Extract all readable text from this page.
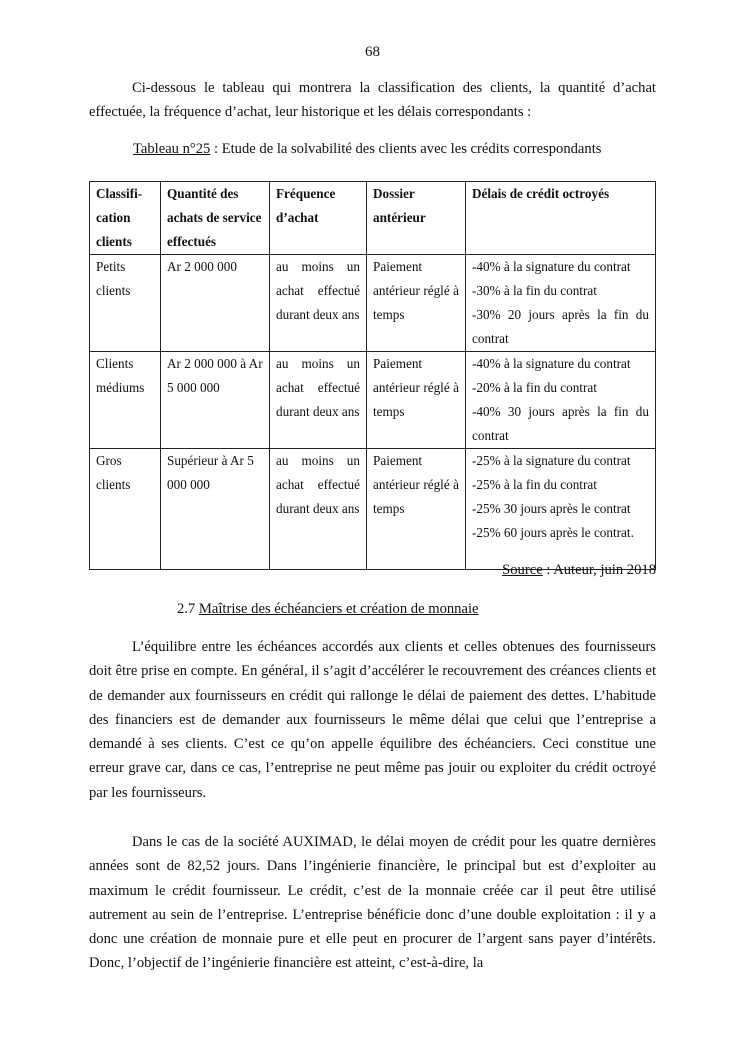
68

Ci-dessous le tableau qui montrera la classification des clients, la quantité d’achat effectuée, la fréquence d’achat, leur historique et les délais correspondants :

Tableau n°25 : Etude de la solvabilité des clients avec les crédits correspondants
Classifi-cation clients	Quantité des achats de service effectués	Fréquence d’achat	Dossier antérieur	Délais de crédit octroyés
Petits clients	Ar 2 000 000	au moins un achat effectué durant deux ans	Paiement antérieur réglé à temps	-40% à la signature du contrat
-30% à la fin du contrat
-30% 20 jours après la fin du contrat

Clients médiums	Ar 2 000 000 à Ar 5 000 000	au moins un achat effectué durant deux ans	Paiement antérieur réglé à temps	-40% à la signature du contrat
-20% à la fin du contrat
-40% 30 jours après la fin du contrat

Gros clients	Supérieur à Ar 5 000 000	au moins un achat effectué durant deux ans	Paiement antérieur réglé à temps	-25% à la signature du contrat
-25% à la fin du contrat
-25% 30 jours après le contrat
-25% 60 jours après le contrat.
Source : Auteur, juin 2018
2.7 Maîtrise des échéanciers et création de monnaie

L’équilibre entre les échéances accordés aux clients et celles obtenues des fournisseurs doit être prise en compte. En général, il s’agit d’accélérer le recouvrement des créances clients et de demander aux fournisseurs en crédit qui rallonge le délai de paiement des dettes. L’habitude des financiers est de demander aux fournisseurs le même délai que celui que l’entreprise a demandé à ses clients. C’est ce qu’on appelle équilibre des échéanciers. Ceci constitue une erreur grave car, dans ce cas, l’entreprise ne peut même pas jouir ou exploiter du crédit octroyé par les fournisseurs.

Dans le cas de la société AUXIMAD, le délai moyen de crédit pour les quatre dernières années sont de 82,52 jours. Dans l’ingénierie financière, le principal but est d’exploiter au maximum le crédit fournisseur. Le crédit, c’est de la monnaie créée car il peut être utilisé autrement au sein de l’entreprise. L’entreprise bénéficie donc d’une double exploitation : il y a donc une création de monnaie pure et elle peut en procurer de l’argent sans payer d’intérêts. Donc, l’objectif de l’ingénierie financière est atteint, c’est-à-dire, la
